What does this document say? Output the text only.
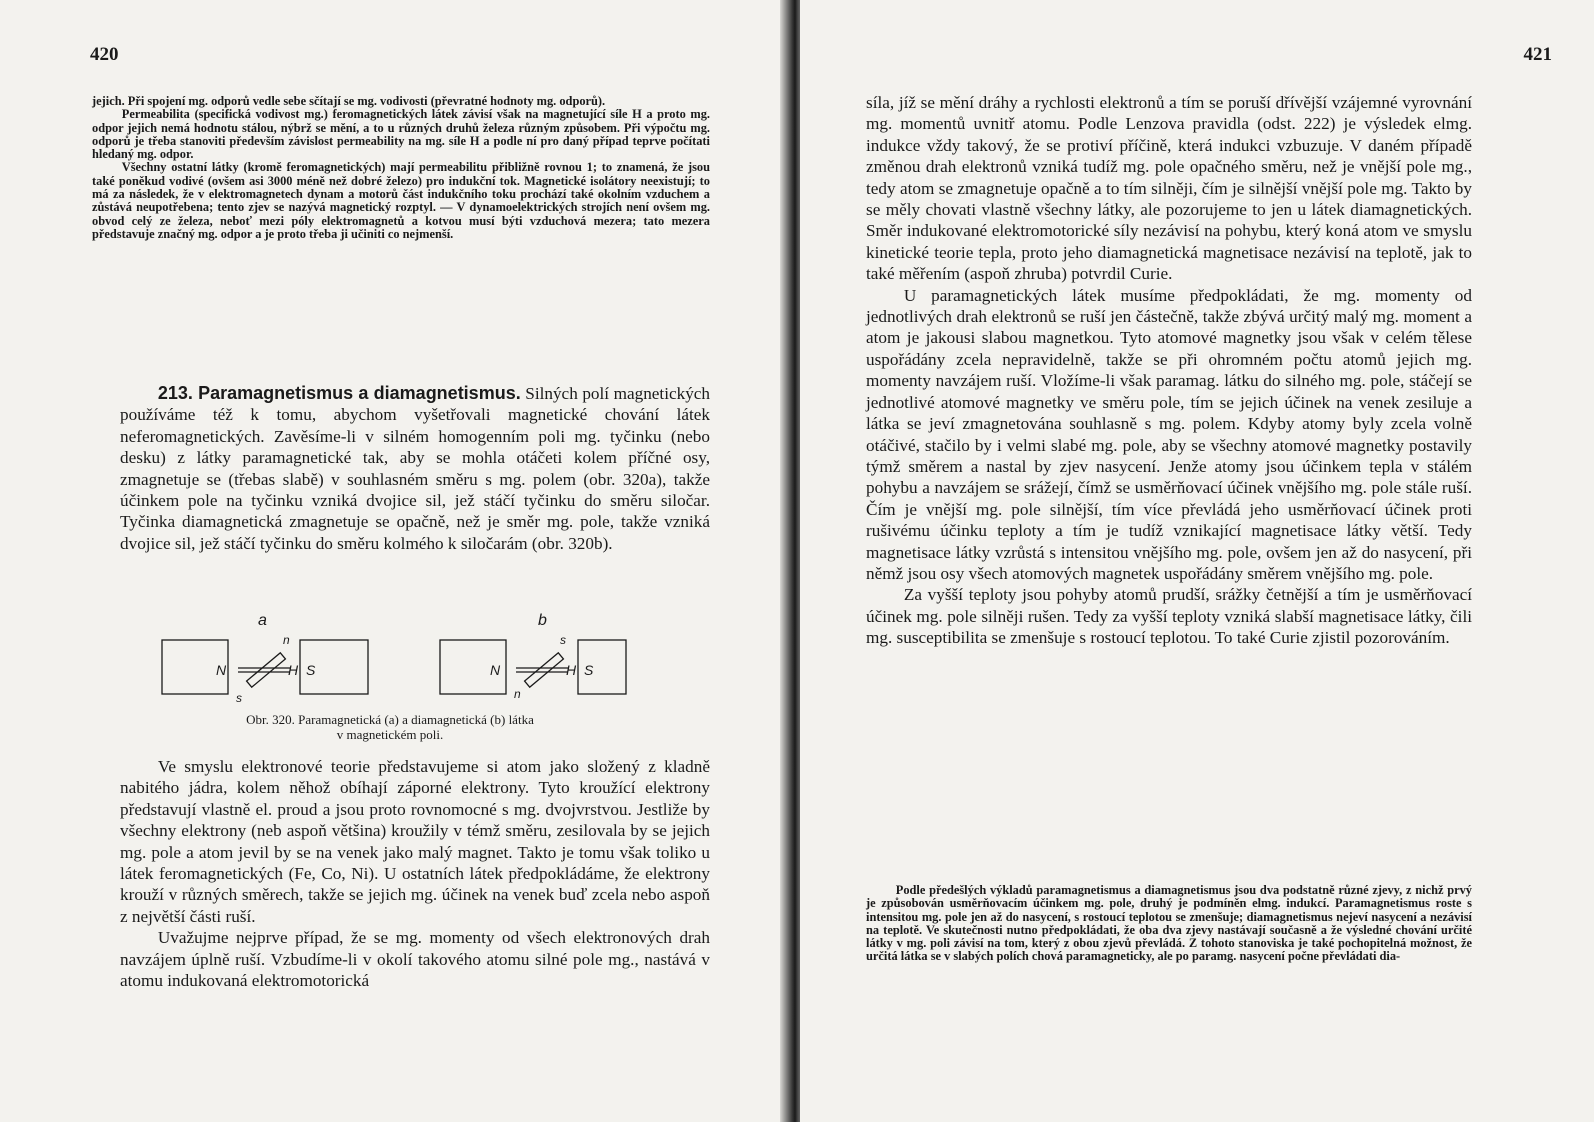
420

jejich. Při spojení mg. odporů vedle sebe sčítají se mg. vodivosti (převratné hodnoty mg. odporů).

Permeabilita (specifická vodivost mg.) feromagnetických látek závisí však na magnetující síle H a proto mg. odpor jejich nemá hodnotu stálou, nýbrž se mění, a to u různých druhů železa různým způsobem. Při výpočtu mg. odporů je třeba stanoviti především závislost permeability na mg. síle H a podle ní pro daný případ teprve počítati hledaný mg. odpor.

Všechny ostatní látky (kromě feromagnetických) mají permeabilitu přibližně rovnou 1; to znamená, že jsou také poněkud vodivé (ovšem asi 3000 méně než dobré železo) pro indukční tok. Magnetické isolátory neexistují; to má za následek, že v elektromagnetech dynam a motorů část indukčního toku prochází také okolním vzduchem a zůstává neupotřebena; tento zjev se nazývá magnetický rozptyl. — V dynamoelektrických strojích není ovšem mg. obvod celý ze železa, neboť mezi póly elektromagnetů a kotvou musí býti vzduchová mezera; tato mezera představuje značný mg. odpor a je proto třeba ji učiniti co nejmenší.

213. Paramagnetismus a diamagnetismus. Silných polí magnetických používáme též k tomu, abychom vyšetřovali magnetické chování látek neferomagnetických. Zavěsíme-li v silném homogenním poli mg. tyčinku (nebo desku) z látky paramagnetické tak, aby se mohla otáčeti kolem příčné osy, zmagnetuje se (třebas slabě) v souhlasném směru s mg. polem (obr. 320a), takže účinkem pole na tyčinku vzniká dvojice sil, jež stáčí tyčinku do směru siločar. Tyčinka diamagnetická zmagnetuje se opačně, než je směr mg. pole, takže vzniká dvojice sil, jež stáčí tyčinku do směru kolmého k siločarám (obr. 320b).

a
N	S
H
n
s
b
N	S
H
s
n
Obr. 320. Paramagnetická (a) a diamagnetická (b) látka
v magnetickém poli.

Ve smyslu elektronové teorie představujeme si atom jako složený z kladně nabitého jádra, kolem něhož obíhají záporné elektrony. Tyto kroužící elektrony představují vlastně el. proud a jsou proto rovnomocné s mg. dvojvrstvou. Jestliže by všechny elektrony (neb aspoň většina) kroužily v témž směru, zesilovala by se jejich mg. pole a atom jevil by se na venek jako malý magnet. Takto je tomu však toliko u látek feromagnetických (Fe, Co, Ni). U ostatních látek předpokládáme, že elektrony krouží v různých směrech, takže se jejich mg. účinek na venek buď zcela nebo aspoň z největší části ruší.

Uvažujme nejprve případ, že se mg. momenty od všech elektronových drah navzájem úplně ruší. Vzbudíme-li v okolí takového atomu silné pole mg., nastává v atomu indukovaná elektromotorická

421

síla, jíž se mění dráhy a rychlosti elektronů a tím se poruší dřívější vzájemné vyrovnání mg. momentů uvnitř atomu. Podle Lenzova pravidla (odst. 222) je výsledek elmg. indukce vždy takový, že se protiví příčině, která indukci vzbuzuje. V daném případě změnou drah elektronů vzniká tudíž mg. pole opačného směru, než je vnější pole mg., tedy atom se zmagnetuje opačně a to tím silněji, čím je silnější vnější pole mg. Takto by se měly chovati vlastně všechny látky, ale pozorujeme to jen u látek diamagnetických. Směr indukované elektromotorické síly nezávisí na pohybu, který koná atom ve smyslu kinetické teorie tepla, proto jeho diamagnetická magnetisace nezávisí na teplotě, jak to také měřením (aspoň zhruba) potvrdil Curie.

U paramagnetických látek musíme předpokládati, že mg. momenty od jednotlivých drah elektronů se ruší jen částečně, takže zbývá určitý malý mg. moment a atom je jakousi slabou magnetkou. Tyto atomové magnetky jsou však v celém tělese uspořádány zcela nepravidelně, takže se při ohromném počtu atomů jejich mg. momenty navzájem ruší. Vložíme-li však paramag. látku do silného mg. pole, stáčejí se jednotlivé atomové magnetky ve směru pole, tím se jejich účinek na venek zesiluje a látka se jeví zmagnetována souhlasně s mg. polem. Kdyby atomy byly zcela volně otáčivé, stačilo by i velmi slabé mg. pole, aby se všechny atomové magnetky postavily týmž směrem a nastal by zjev nasycení. Jenže atomy jsou účinkem tepla v stálém pohybu a navzájem se srážejí, čímž se usměrňovací účinek vnějšího mg. pole stále ruší. Čím je vnější mg. pole silnější, tím více převládá jeho usměrňovací účinek proti rušivému účinku teploty a tím je tudíž vznikající magnetisace látky větší. Tedy magnetisace látky vzrůstá s intensitou vnějšího mg. pole, ovšem jen až do nasycení, při němž jsou osy všech atomových magnetek uspořádány směrem vnějšího mg. pole.

Za vyšší teploty jsou pohyby atomů prudší, srážky četnější a tím je usměrňovací účinek mg. pole silněji rušen. Tedy za vyšší teploty vzniká slabší magnetisace látky, čili mg. susceptibilita se zmenšuje s rostoucí teplotou. To také Curie zjistil pozorováním.

Podle předešlých výkladů paramagnetismus a diamagnetismus jsou dva podstatně různé zjevy, z nichž prvý je způsobován usměrňovacím účinkem mg. pole, druhý je podmíněn elmg. indukcí. Paramagnetismus roste s intensitou mg. pole jen až do nasycení, s rostoucí teplotou se zmenšuje; diamagnetismus nejeví nasycení a nezávisí na teplotě. Ve skutečnosti nutno předpokládati, že oba dva zjevy nastávají současně a že výsledné chování určité látky v mg. poli závisí na tom, který z obou zjevů převládá. Z tohoto stanoviska je také pochopitelná možnost, že určitá látka se v slabých polích chová paramagneticky, ale po paramg. nasycení počne převládati dia-
